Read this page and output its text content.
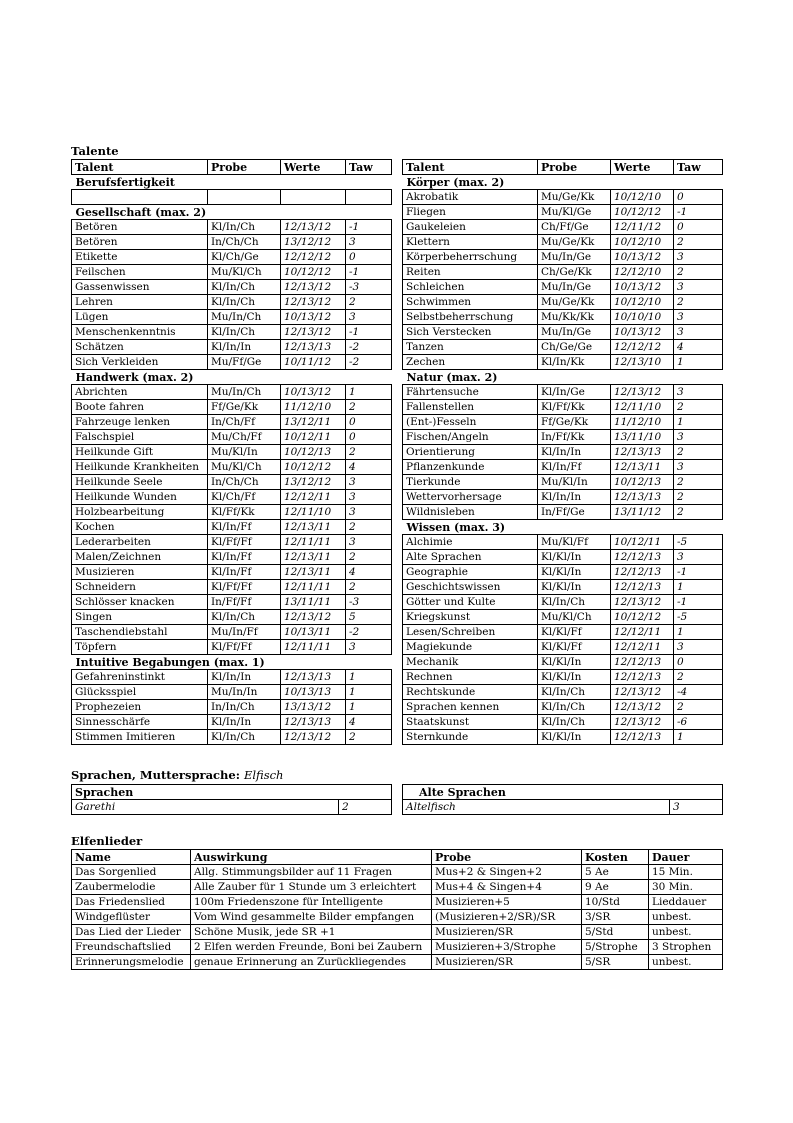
Talente
Talent	Probe	Werte	Taw
Berufsfertigkeit			

Gesellschaft (max. 2)			
Betören	Kl/In/Ch	12/13/12	-1
Betören	In/Ch/Ch	13/12/12	3
Etikette	Kl/Ch/Ge	12/12/12	0
Feilschen	Mu/Kl/Ch	10/12/12	-1
Gassenwissen	Kl/In/Ch	12/13/12	-3
Lehren	Kl/In/Ch	12/13/12	2
Lügen	Mu/In/Ch	10/13/12	3
Menschenkenntnis	Kl/In/Ch	12/13/12	-1
Schätzen	Kl/In/In	12/13/13	-2
Sich Verkleiden	Mu/Ff/Ge	10/11/12	-2
Handwerk (max. 2)			
Abrichten	Mu/In/Ch	10/13/12	1
Boote fahren	Ff/Ge/Kk	11/12/10	2
Fahrzeuge lenken	In/Ch/Ff	13/12/11	0
Falschspiel	Mu/Ch/Ff	10/12/11	0
Heilkunde Gift	Mu/Kl/In	10/12/13	2
Heilkunde Krankheiten	Mu/Kl/Ch	10/12/12	4
Heilkunde Seele	In/Ch/Ch	13/12/12	3
Heilkunde Wunden	Kl/Ch/Ff	12/12/11	3
Holzbearbeitung	Kl/Ff/Kk	12/11/10	3
Kochen	Kl/In/Ff	12/13/11	2
Lederarbeiten	Kl/Ff/Ff	12/11/11	3
Malen/Zeichnen	Kl/In/Ff	12/13/11	2
Musizieren	Kl/In/Ff	12/13/11	4
Schneidern	Kl/Ff/Ff	12/11/11	2
Schlösser knacken	In/Ff/Ff	13/11/11	-3
Singen	Kl/In/Ch	12/13/12	5
Taschendiebstahl	Mu/In/Ff	10/13/11	-2
Töpfern	Kl/Ff/Ff	12/11/11	3
Intuitive Begabungen (max. 1)			
Gefahreninstinkt	Kl/In/In	12/13/13	1
Glücksspiel	Mu/In/In	10/13/13	1
Prophezeien	In/In/Ch	13/13/12	1
Sinnesschärfe	Kl/In/In	12/13/13	4
Stimmen Imitieren	Kl/In/Ch	12/13/12	2
Talent	Probe	Werte	Taw
Körper (max. 2)			
Akrobatik	Mu/Ge/Kk	10/12/10	0
Fliegen	Mu/Kl/Ge	10/12/12	-1
Gaukeleien	Ch/Ff/Ge	12/11/12	0
Klettern	Mu/Ge/Kk	10/12/10	2
Körperbeherrschung	Mu/In/Ge	10/13/12	3
Reiten	Ch/Ge/Kk	12/12/10	2
Schleichen	Mu/In/Ge	10/13/12	3
Schwimmen	Mu/Ge/Kk	10/12/10	2
Selbstbeherrschung	Mu/Kk/Kk	10/10/10	3
Sich Verstecken	Mu/In/Ge	10/13/12	3
Tanzen	Ch/Ge/Ge	12/12/12	4
Zechen	Kl/In/Kk	12/13/10	1
Natur (max. 2)			
Fährtensuche	Kl/In/Ge	12/13/12	3
Fallenstellen	Kl/Ff/Kk	12/11/10	2
(Ent-)Fesseln	Ff/Ge/Kk	11/12/10	1
Fischen/Angeln	In/Ff/Kk	13/11/10	3
Orientierung	Kl/In/In	12/13/13	2
Pflanzenkunde	Kl/In/Ff	12/13/11	3
Tierkunde	Mu/Kl/In	10/12/13	2
Wettervorhersage	Kl/In/In	12/13/13	2
Wildnisleben	In/Ff/Ge	13/11/12	2
Wissen (max. 3)			
Alchimie	Mu/Kl/Ff	10/12/11	-5
Alte Sprachen	Kl/Kl/In	12/12/13	3
Geographie	Kl/Kl/In	12/12/13	-1
Geschichtswissen	Kl/Kl/In	12/12/13	1
Götter und Kulte	Kl/In/Ch	12/13/12	-1
Kriegskunst	Mu/Kl/Ch	10/12/12	-5
Lesen/Schreiben	Kl/Kl/Ff	12/12/11	1
Magiekunde	Kl/Kl/Ff	12/12/11	3
Mechanik	Kl/Kl/In	12/12/13	0
Rechnen	Kl/Kl/In	12/12/13	2
Rechtskunde	Kl/In/Ch	12/13/12	-4
Sprachen kennen	Kl/In/Ch	12/13/12	2
Staatskunst	Kl/In/Ch	12/13/12	-6
Sternkunde	Kl/Kl/In	12/12/13	1
Sprachen, Muttersprache: Elfisch
Sprachen
Garethi	2
Alte Sprachen
Altelfisch	3
Elfenlieder
Name	Auswirkung	Probe	Kosten	Dauer
Das Sorgenlied	Allg. Stimmungsbilder auf 11 Fragen	Mus+2 & Singen+2	5 Ae	15 Min.
Zaubermelodie	Alle Zauber für 1 Stunde um 3 erleichtert	Mus+4 & Singen+4	9 Ae	30 Min.
Das Friedenslied	100m Friedenszone für Intelligente	Musizieren+5	10/Std	Lieddauer
Windgeflüster	Vom Wind gesammelte Bilder empfangen	(Musizieren+2/SR)/SR	3/SR	unbest.
Das Lied der Lieder	Schöne Musik, jede SR +1	Musizieren/SR	5/Std	unbest.
Freundschaftslied	2 Elfen werden Freunde, Boni bei Zaubern	Musizieren+3/Strophe	5/Strophe	3 Strophen
Erinnerungsmelodie	genaue Erinnerung an Zurückliegendes	Musizieren/SR	5/SR	unbest.
